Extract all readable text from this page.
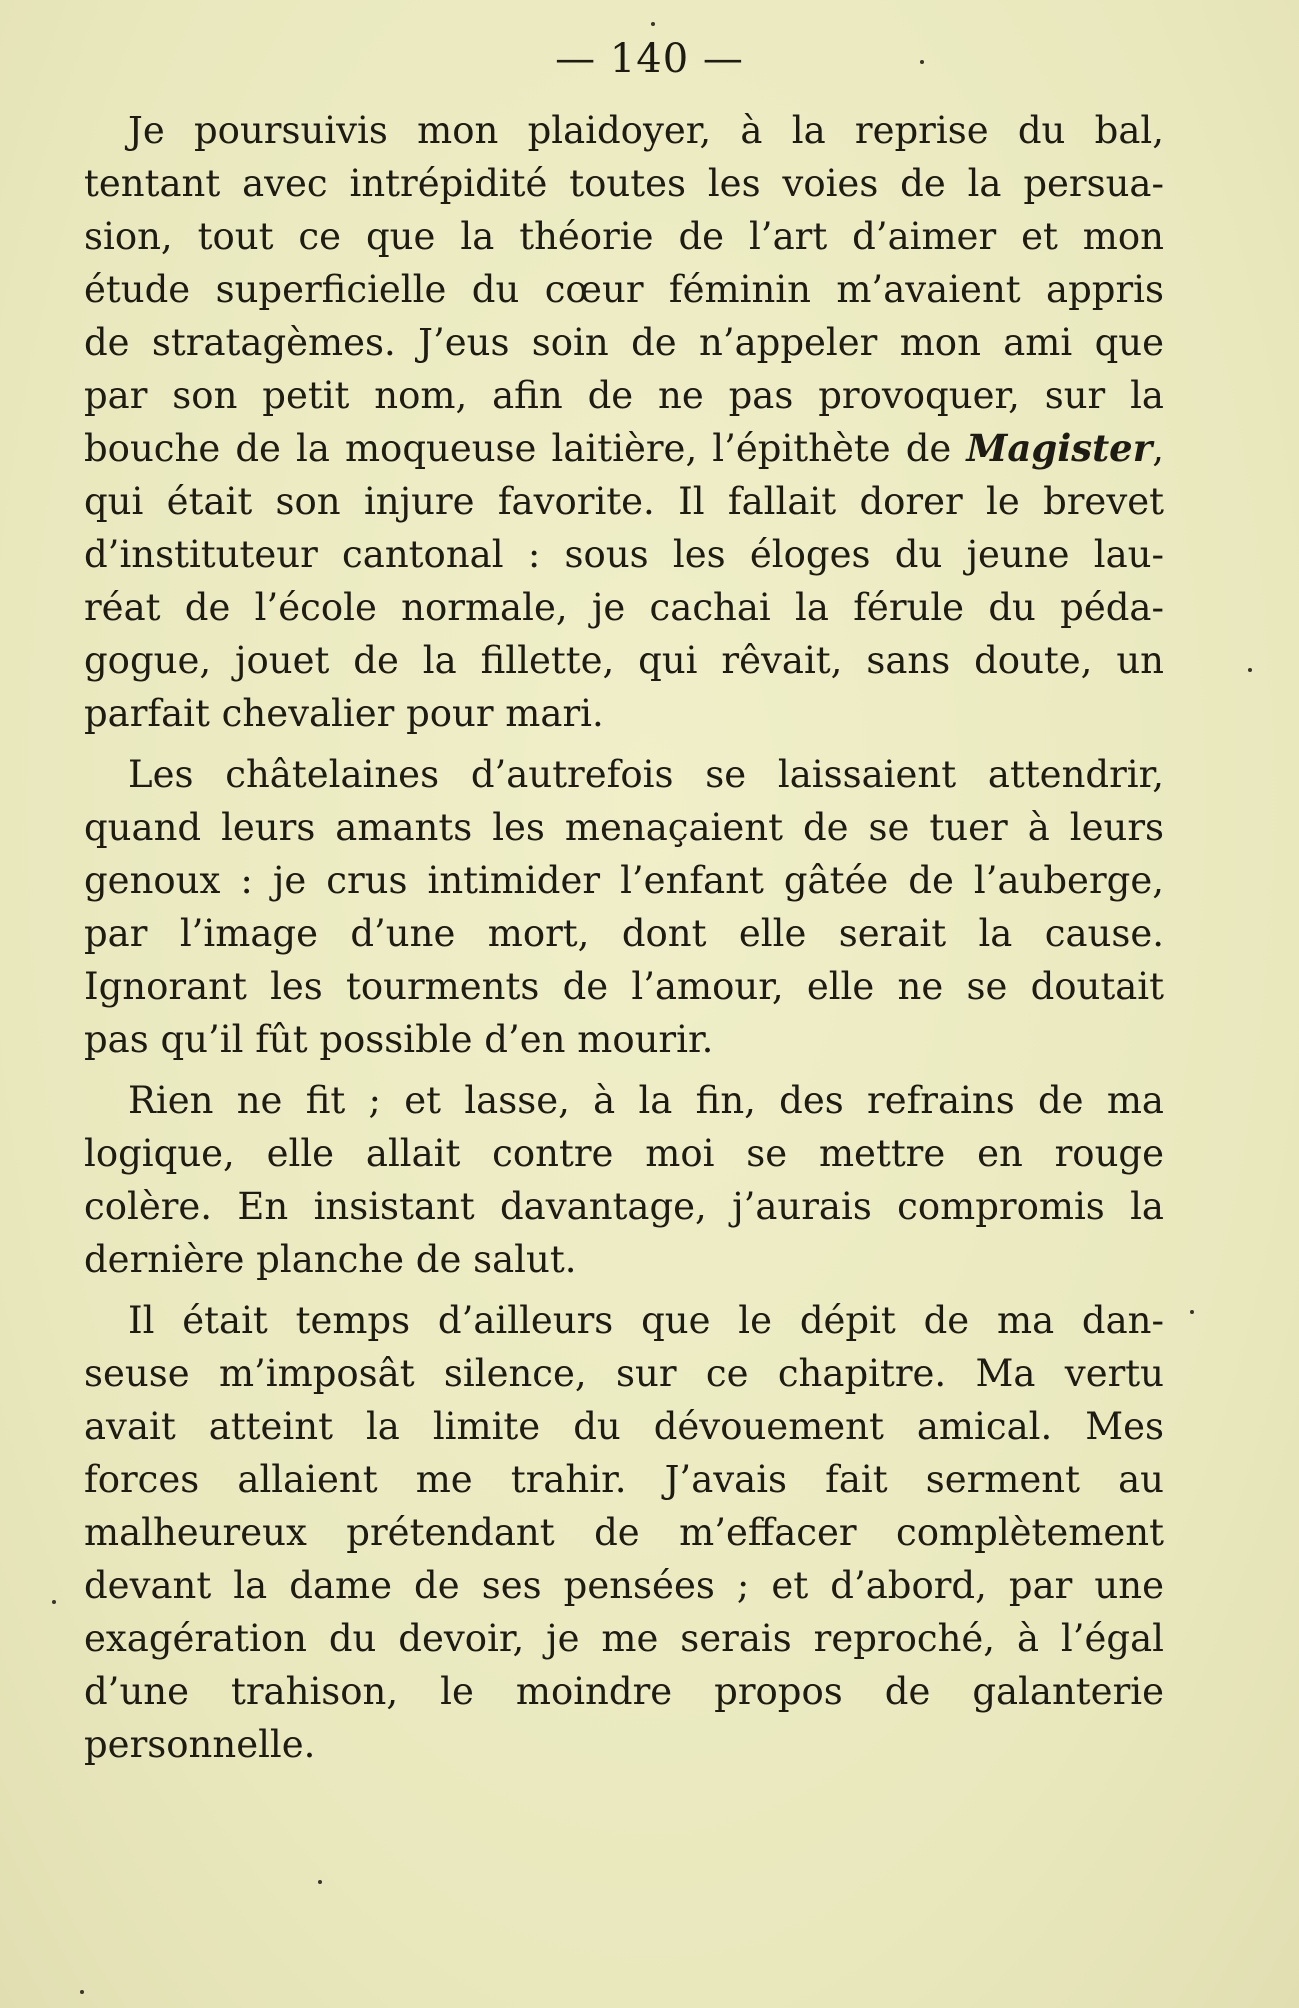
— 140 —
Je poursuivis mon plaidoyer, à la reprise du bal,
tentant avec intrépidité toutes les voies de la persua-
sion, tout ce que la théorie de l’art d’aimer et mon
étude superficielle du cœur féminin m’avaient appris
de stratagèmes. J’eus soin de n’appeler mon ami que
par son petit nom, afin de ne pas provoquer, sur la
bouche de la moqueuse laitière, l’épithète de Magister,
qui était son injure favorite. Il fallait dorer le brevet
d’instituteur cantonal : sous les éloges du jeune lau-
réat de l’école normale, je cachai la férule du péda-
gogue, jouet de la fillette, qui rêvait, sans doute, un
parfait chevalier pour mari.
Les châtelaines d’autrefois se laissaient attendrir,
quand leurs amants les menaçaient de se tuer à leurs
genoux : je crus intimider l’enfant gâtée de l’auberge,
par l’image d’une mort, dont elle serait la cause.
Ignorant les tourments de l’amour, elle ne se doutait
pas qu’il fût possible d’en mourir.
Rien ne fit ; et lasse, à la fin, des refrains de ma
logique, elle allait contre moi se mettre en rouge
colère. En insistant davantage, j’aurais compromis la
dernière planche de salut.
Il était temps d’ailleurs que le dépit de ma dan-
seuse m’imposât silence, sur ce chapitre. Ma vertu
avait atteint la limite du dévouement amical. Mes
forces allaient me trahir. J’avais fait serment au
malheureux prétendant de m’effacer complètement
devant la dame de ses pensées ; et d’abord, par une
exagération du devoir, je me serais reproché, à l’égal
d’une trahison, le moindre propos de galanterie
personnelle.
